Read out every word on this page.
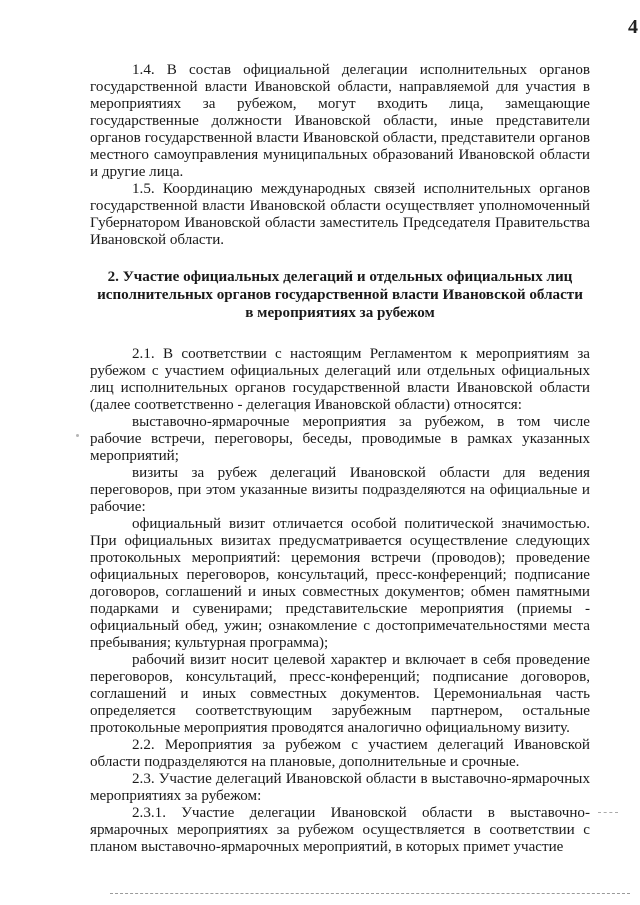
4

1.4. В состав официальной делегации исполнительных органов государственной власти Ивановской области, направляемой для участия в мероприятиях за рубежом, могут входить лица, замещающие государственные должности Ивановской области, иные представители органов государственной власти Ивановской области, представители органов местного самоуправления муниципальных образований Ивановской области и другие лица.

1.5. Координацию международных связей исполнительных органов государственной власти Ивановской области осуществляет уполномоченный Губернатором Ивановской области заместитель Председателя Правительства Ивановской области.

2. Участие официальных делегаций и отдельных официальных лиц
исполнительных органов государственной власти Ивановской области
в мероприятиях за рубежом

2.1. В соответствии с настоящим Регламентом к мероприятиям за рубежом с участием официальных делегаций или отдельных официальных лиц исполнительных органов государственной власти Ивановской области (далее соответственно - делегация Ивановской области) относятся:

выставочно-ярмарочные мероприятия за рубежом, в том числе рабочие встречи, переговоры, беседы, проводимые в рамках указанных мероприятий;

визиты за рубеж делегаций Ивановской области для ведения переговоров, при этом указанные визиты подразделяются на официальные и рабочие:

официальный визит отличается особой политической значимостью. При официальных визитах предусматривается осуществление следующих протокольных мероприятий: церемония встречи (проводов); проведение официальных переговоров, консультаций, пресс-конференций; подписание договоров, соглашений и иных совместных документов; обмен памятными подарками и сувенирами; представительские мероприятия (приемы - официальный обед, ужин; ознакомление с достопримечательностями места пребывания; культурная программа);

рабочий визит носит целевой характер и включает в себя проведение переговоров, консультаций, пресс-конференций; подписание договоров, соглашений и иных совместных документов. Церемониальная часть определяется соответствующим зарубежным партнером, остальные протокольные мероприятия проводятся аналогично официальному визиту.

2.2. Мероприятия за рубежом с участием делегаций Ивановской области подразделяются на плановые, дополнительные и срочные.

2.3. Участие делегаций Ивановской области в выставочно-ярмарочных мероприятиях за рубежом:

2.3.1. Участие делегации Ивановской области в выставочно-ярмарочных мероприятиях за рубежом осуществляется в соответствии с планом выставочно-ярмарочных мероприятий, в которых примет участие
